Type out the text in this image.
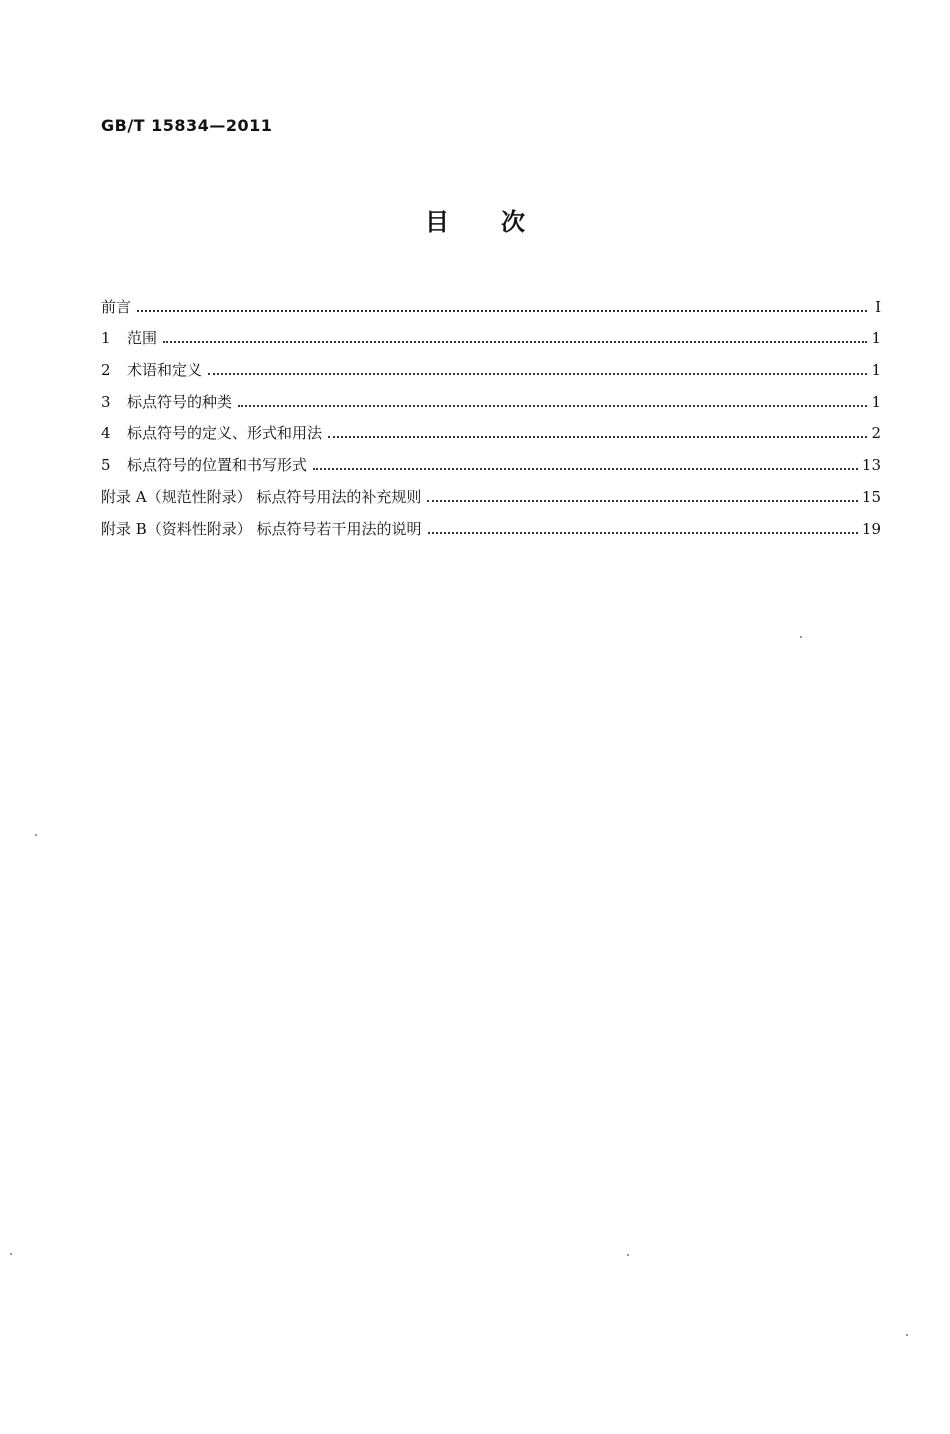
GB/T 15834—2011
目次
前言	Ⅰ
1 范围	1
2 术语和定义	1
3 标点符号的种类	1
4 标点符号的定义、形式和用法	2
5 标点符号的位置和书写形式	13
附录 A（规范性附录） 标点符号用法的补充规则	15
附录 B（资料性附录） 标点符号若干用法的说明	19
